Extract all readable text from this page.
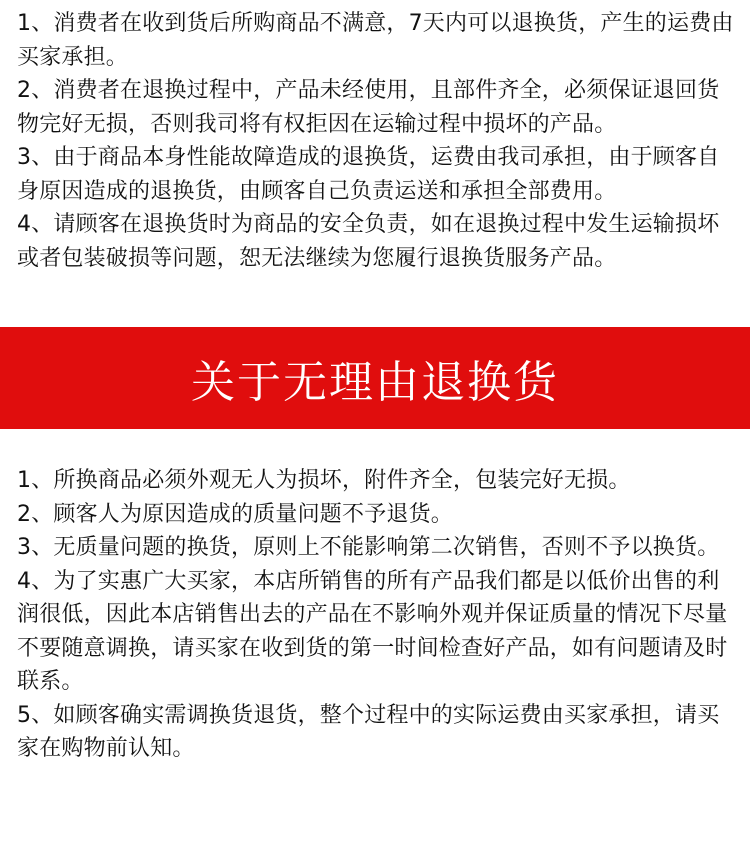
1、消费者在收到货后所购商品不满意，7天内可以退换货，产生的运费由买家承担。

2、消费者在退换过程中，产品未经使用，且部件齐全，必须保证退回货物完好无损，否则我司将有权拒因在运输过程中损坏的产品。

3、由于商品本身性能故障造成的退换货，运费由我司承担，由于顾客自身原因造成的退换货，由顾客自己负责运送和承担全部费用。

4、请顾客在退换货时为商品的安全负责，如在退换过程中发生运输损坏或者包装破损等问题，恕无法继续为您履行退换货服务产品。

关于无理由退换货

1、所换商品必须外观无人为损坏，附件齐全，包装完好无损。

2、顾客人为原因造成的质量问题不予退货。

3、无质量问题的换货，原则上不能影响第二次销售，否则不予以换货。

4、为了实惠广大买家，本店所销售的所有产品我们都是以低价出售的利润很低，因此本店销售出去的产品在不影响外观并保证质量的情况下尽量不要随意调换，请买家在收到货的第一时间检查好产品，如有问题请及时联系。

5、如顾客确实需调换货退货，整个过程中的实际运费由买家承担，请买家在购物前认知。
